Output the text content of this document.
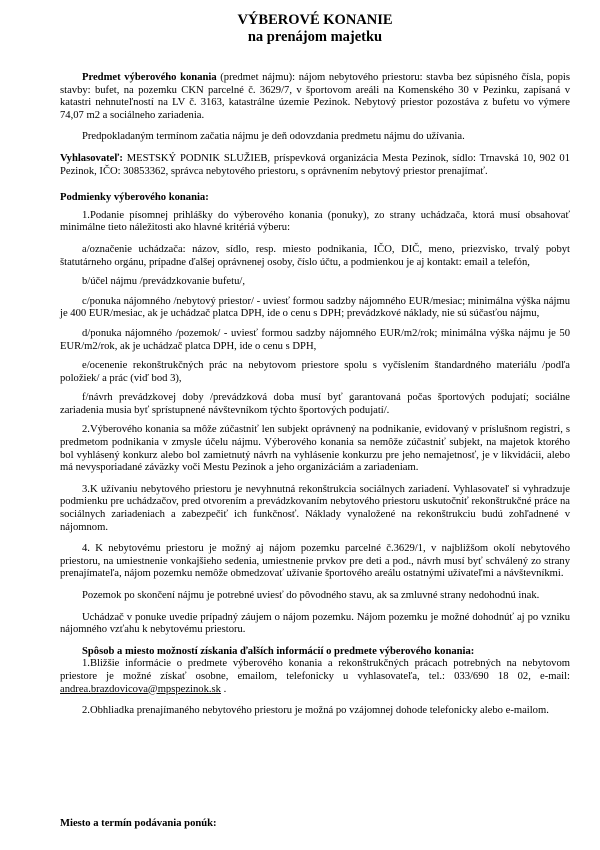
VÝBEROVÉ KONANIE
na prenájom majetku

Predmet výberového konania (predmet nájmu): nájom nebytového priestoru: stavba bez súpisného čísla, popis stavby: bufet, na pozemku CKN parcelné č. 3629/7, v športovom areáli na Komenského 30 v Pezinku, zapísaná v katastri nehnuteľností na LV č. 3163, katastrálne územie Pezinok. Nebytový priestor pozostáva z bufetu vo výmere 74,07 m2 a sociálneho zariadenia.

Predpokladaným termínom začatia nájmu je deň odovzdania predmetu nájmu do užívania.

Vyhlasovateľ: MESTSKÝ PODNIK SLUŽIEB, príspevková organizácia Mesta Pezinok, sídlo: Trnavská 10, 902 01 Pezinok, IČO: 30853362, správca nebytového priestoru, s oprávnením nebytový priestor prenajímať.

Podmienky výberového konania:

1.Podanie písomnej prihlášky do výberového konania (ponuky), zo strany uchádzača, ktorá musí obsahovať minimálne tieto náležitosti ako hlavné kritériá výberu:

a/označenie uchádzača: názov, sídlo, resp. miesto podnikania, IČO, DIČ, meno, priezvisko, trvalý pobyt štatutárneho orgánu, prípadne ďalšej oprávnenej osoby, číslo účtu, a podmienkou je aj kontakt: email a telefón,

b/účel nájmu /prevádzkovanie bufetu/,

c/ponuka nájomného /nebytový priestor/ - uviesť formou sadzby nájomného EUR/mesiac; minimálna výška nájmu je 400 EUR/mesiac, ak je uchádzač platca DPH, ide o cenu s DPH; prevádzkové náklady, nie sú súčasťou nájmu,

d/ponuka nájomného /pozemok/ - uviesť formou sadzby nájomného EUR/m2/rok; minimálna výška nájmu je 50 EUR/m2/rok, ak je uchádzač platca DPH, ide o cenu s DPH,

e/ocenenie rekonštrukčných prác na nebytovom priestore spolu s vyčíslením štandardného materiálu /podľa položiek/ a prác (viď bod 3),

f/návrh prevádzkovej doby /prevádzková doba musí byť garantovaná počas športových podujatí; sociálne zariadenia musia byť sprístupnené návštevníkom týchto športových podujatí/.

2.Výberového konania sa môže zúčastniť len subjekt oprávnený na podnikanie, evidovaný v príslušnom registri, s predmetom podnikania v zmysle účelu nájmu. Výberového konania sa nemôže zúčastniť subjekt, na majetok ktorého bol vyhlásený konkurz alebo bol zamietnutý návrh na vyhlásenie konkurzu pre jeho nemajetnosť, je v likvidácii, alebo má nevysporiadané záväzky voči Mestu Pezinok a jeho organizáciám a zariadeniam.

3.K užívaniu nebytového priestoru je nevyhnutná rekonštrukcia sociálnych zariadení. Vyhlasovateľ si vyhradzuje podmienku pre uchádzačov, pred otvorením a prevádzkovaním nebytového priestoru uskutočniť rekonštrukčné práce na sociálnych zariadeniach a zabezpečiť ich funkčnosť. Náklady vynaložené na rekonštrukciu budú zohľadnené v nájomnom.

4. K nebytovému priestoru je možný aj nájom pozemku parcelné č.3629/1, v najbližšom okolí nebytového priestoru, na umiestnenie vonkajšieho sedenia, umiestnenie prvkov pre deti a pod., návrh musí byť schválený zo strany prenajímateľa, nájom pozemku nemôže obmedzovať užívanie športového areálu ostatnými užívateľmi a návštevníkmi.

Pozemok po skončení nájmu je potrebné uviesť do pôvodného stavu, ak sa zmluvné strany nedohodnú inak.

Uchádzač v ponuke uvedie prípadný záujem o nájom pozemku. Nájom pozemku je možné dohodnúť aj po vzniku nájomného vzťahu k nebytovému priestoru.

Spôsob a miesto možností získania ďalších informácií o predmete výberového konania:

1.Bližšie informácie o predmete výberového konania a rekonštrukčných prácach potrebných na nebytovom priestore je možné získať osobne, emailom, telefonicky u vyhlasovateľa, tel.: 033/690 18 02, e-mail: andrea.brazdovicova@mpspezinok.sk .

2.Obhliadka prenajímaného nebytového priestoru je možná po vzájomnej dohode telefonicky alebo e-mailom.

Miesto a termín podávania ponúk:
